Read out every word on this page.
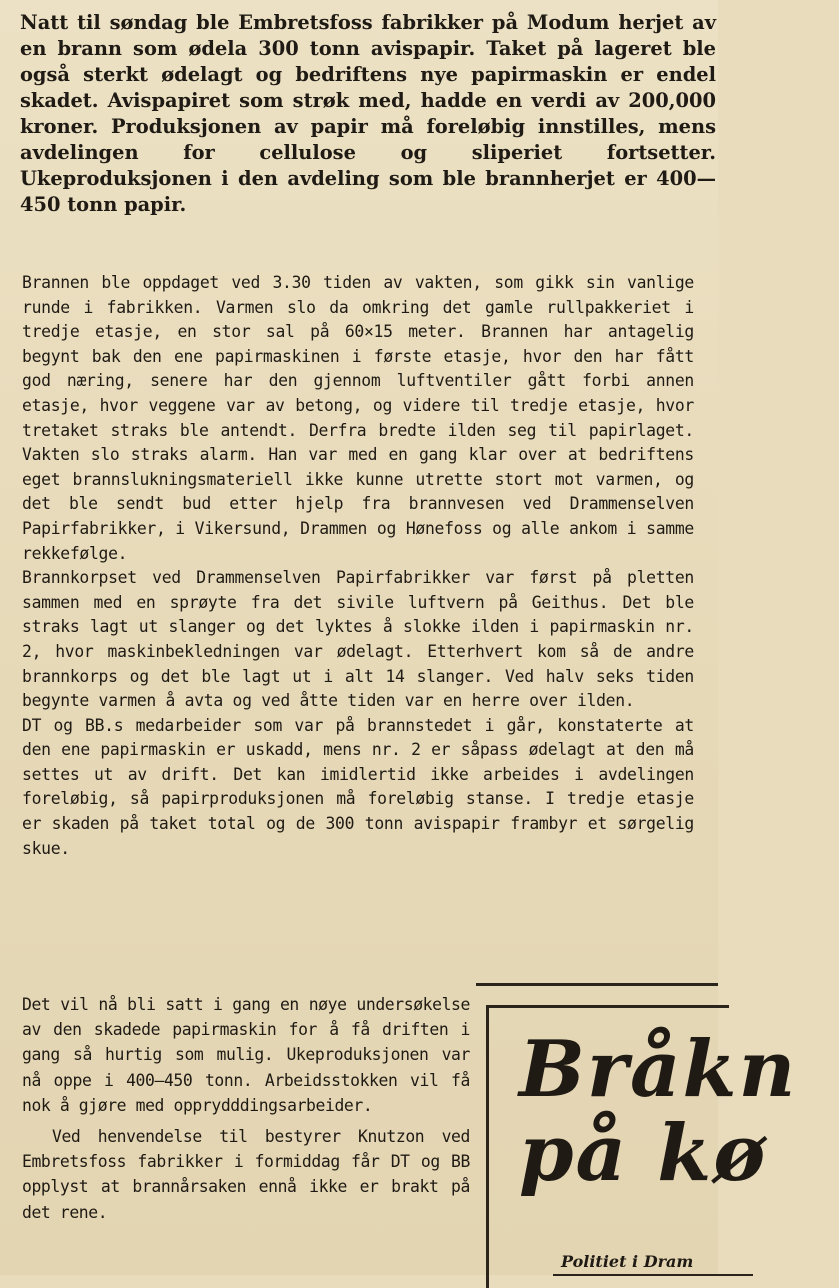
Natt til søndag ble Embretsfoss fabrikker på Modum herjet av en brann som ødela 300 tonn avispapir. Taket på lageret ble også sterkt ødelagt og bedriftens nye papirmaskin er endel skadet. Avispapiret som strøk med, hadde en verdi av 200,000 kroner. Produksjonen av papir må foreløbig innstilles, mens avdelingen for cellulose og sliperiet fortsetter. Ukeproduksjonen i den avdeling som ble brannherjet er 400—450 tonn papir.

Brannen ble oppdaget ved 3.30 tiden av vakten, som gikk sin vanlige runde i fabrikken. Varmen slo da omkring det gamle rullpakkeriet i tredje etasje, en stor sal på 60×15 meter. Brannen har antagelig begynt bak den ene papirmaskinen i første etasje, hvor den har fått god næring, senere har den gjennom luftventiler gått forbi annen etasje, hvor veggene var av betong, og videre til tredje etasje, hvor tretaket straks ble antendt. Derfra bredte ilden seg til papirlaget. Vakten slo straks alarm. Han var med en gang klar over at bedriftens eget brannslukningsmateriell ikke kunne utrette stort mot varmen, og det ble sendt bud etter hjelp fra brannvesen ved Drammenselven Papirfabrikker, i Vikersund, Drammen og Hønefoss og alle ankom i samme rekkefølge.

Brannkorpset ved Drammenselven Papirfabrikker var først på pletten sammen med en sprøyte fra det sivile luftvern på Geithus. Det ble straks lagt ut slanger og det lyktes å slokke ilden i papirmaskin nr. 2, hvor maskinbekledningen var ødelagt. Etterhvert kom så de andre brannkorps og det ble lagt ut i alt 14 slanger. Ved halv seks tiden begynte varmen å avta og ved åtte tiden var en herre over ilden.

DT og BB.s medarbeider som var på brannstedet i går, konstaterte at den ene papirmaskin er uskadd, mens nr. 2 er såpass ødelagt at den må settes ut av drift. Det kan imidlertid ikke arbeides i avdelingen foreløbig, så papirproduksjonen må foreløbig stanse. I tredje etasje er skaden på taket total og de 300 tonn avispapir frambyr et sørgelig skue.

Det vil nå bli satt i gang en nøye undersøkelse av den skadede papirmaskin for å få driften i gang så hurtig som mulig. Ukeproduksjonen var nå oppe i 400—450 tonn. Arbeidsstokken vil få nok å gjøre med opprydddingsarbeider.

Ved henvendelse til bestyrer Knutzon ved Embretsfoss fabrikker i formiddag får DT og BB opplyst at brannårsaken ennå ikke er brakt på det rene.

Bråkn
på kø
Politiet i Dram
